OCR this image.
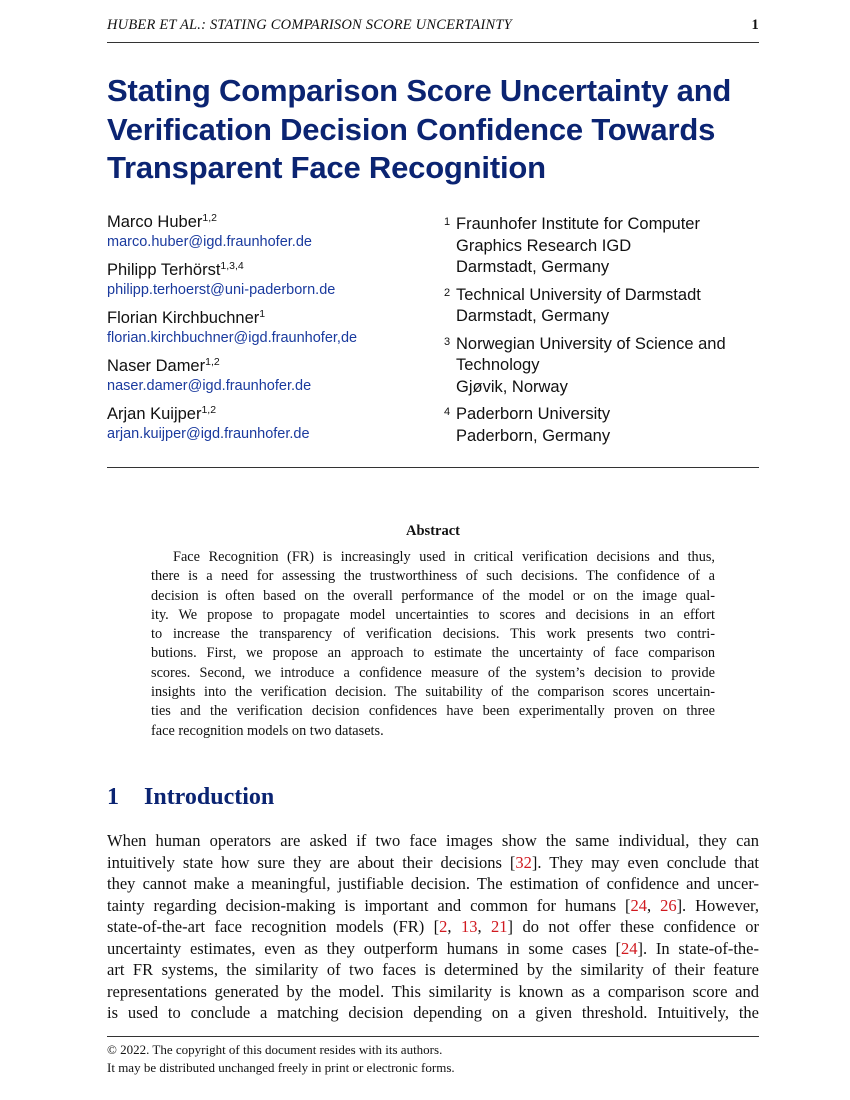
HUBER ET AL.: STATING COMPARISON SCORE UNCERTAINTY	1
Stating Comparison Score Uncertainty and
Verification Decision Confidence Towards
Transparent Face Recognition
Marco Huber$^{1,2}$
marco.huber@igd.fraunhofer.de
Philipp Terhörst$^{1,3,4}$
philipp.terhoerst@uni-paderborn.de
Florian Kirchbuchner$^1$
florian.kirchbuchner@igd.fraunhofer,de
Naser Damer$^{1,2}$
naser.damer@igd.fraunhofer.de
Arjan Kuijper$^{1,2}$
arjan.kuijper@igd.fraunhofer.de
1 Fraunhofer Institute for Computer
Graphics Research IGD
Darmstadt, Germany
2 Technical University of Darmstadt
Darmstadt, Germany
3 Norwegian University of Science and
Technology
Gjøvik, Norway
4 Paderborn University
Paderborn, Germany
Abstract

Face Recognition (FR) is increasingly used in critical verification decisions and thus,
there is a need for assessing the trustworthiness of such decisions. The confidence of a
decision is often based on the overall performance of the model or on the image qual-
ity. We propose to propagate model uncertainties to scores and decisions in an effort
to increase the transparency of verification decisions. This work presents two contri-
butions. First, we propose an approach to estimate the uncertainty of face comparison
scores. Second, we introduce a confidence measure of the system’s decision to provide
insights into the verification decision. The suitability of the comparison scores uncertain-
ties and the verification decision confidences have been experimentally proven on three
face recognition models on two datasets.

1 Introduction

When human operators are asked if two face images show the same individual, they can
intuitively state how sure they are about their decisions [32]. They may even conclude that
they cannot make a meaningful, justifiable decision. The estimation of confidence and uncer-
tainty regarding decision-making is important and common for humans [24, 26]. However,
state-of-the-art face recognition models (FR) [2, 13, 21] do not offer these confidence or
uncertainty estimates, even as they outperform humans in some cases [24]. In state-of-the-
art FR systems, the similarity of two faces is determined by the similarity of their feature
representations generated by the model. This similarity is known as a comparison score and
is used to conclude a matching decision depending on a given threshold. Intuitively, the

© 2022. The copyright of this document resides with its authors.
It may be distributed unchanged freely in print or electronic forms.
